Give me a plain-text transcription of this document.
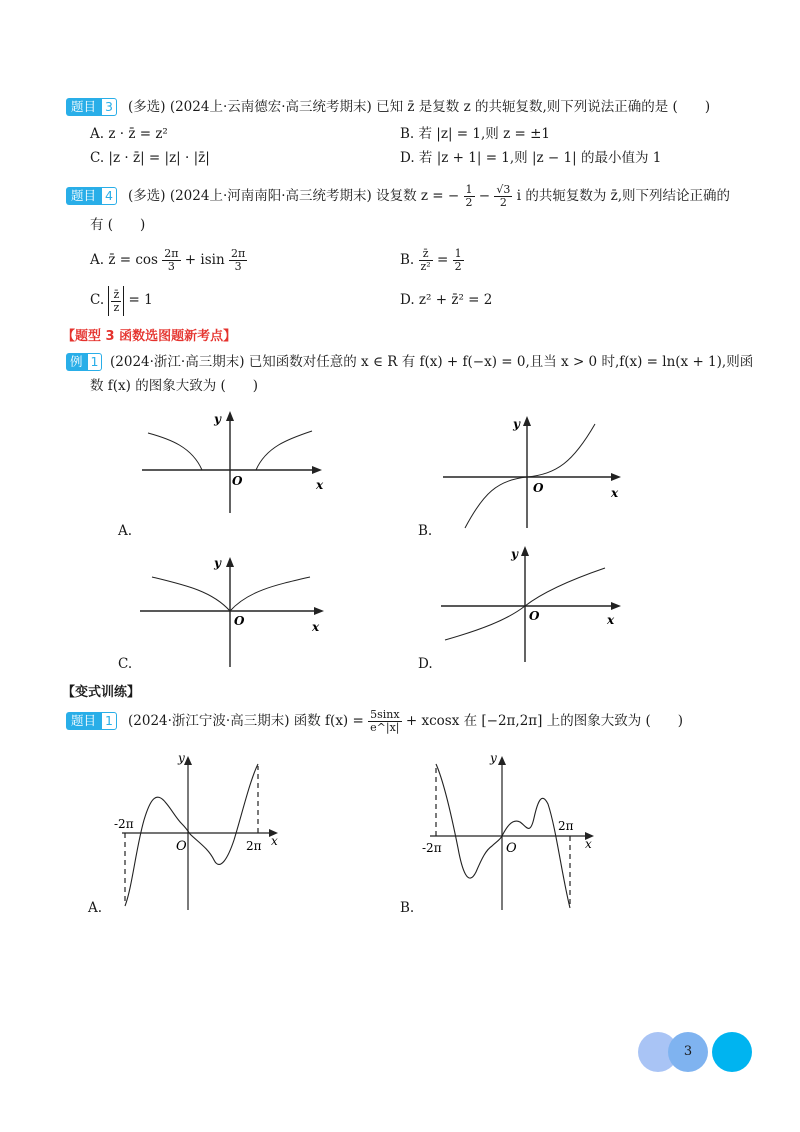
题目 3 (多选) (2024上·云南德宏·高三统考期末) 已知 z̄ 是复数 z 的共轭复数,则下列说法正确的是 (　　)
A. z · z̄ = z²	B. 若 |z| = 1,则 z = ±1
C. |z · z̄| = |z| · |z̄|	D. 若 |z + 1| = 1,则 |z − 1| 的最小值为 1
题目 4 (多选) (2024上·河南南阳·高三统考期末) 设复数 z = − $\frac{1}{2} - \frac{√3}{2}$ i 的共轭复数为 z̄,则下列结论正确的
有 (　　)
A. z̄ = $\cos \frac{2\pi}{3} + isin \frac{2\pi}{3}$	B. $\frac{z̄}{\text{z²}} = \frac{1}{2}$
C. $\frac{z̄}{z} = 1$	D. z² + z̄² = 2
【题型 3 函数选图题新考点】
例 1 (2024·浙江·高三期末) 已知函数对任意的 x ∈ R 有 f(x) + f(−x) = 0,且当 x > 0 时,f(x) = ln(x + 1),则函
数 f(x) 的图象大致为 (　　)
x
y
O
A.
x
y
O
B.
x
y
O
C.
x
y
O
D.
【变式训练】
题目 1 (2024·浙江宁波·高三期末) 函数 $f(x) = \frac{5\sin x}{e\^{}|x|} + xcosx$ 在 [−2π,2π] 上的图象大致为 (　　)
-2π
2π x
y
O
A.
-2π
2π
x
y
O
B.
3
